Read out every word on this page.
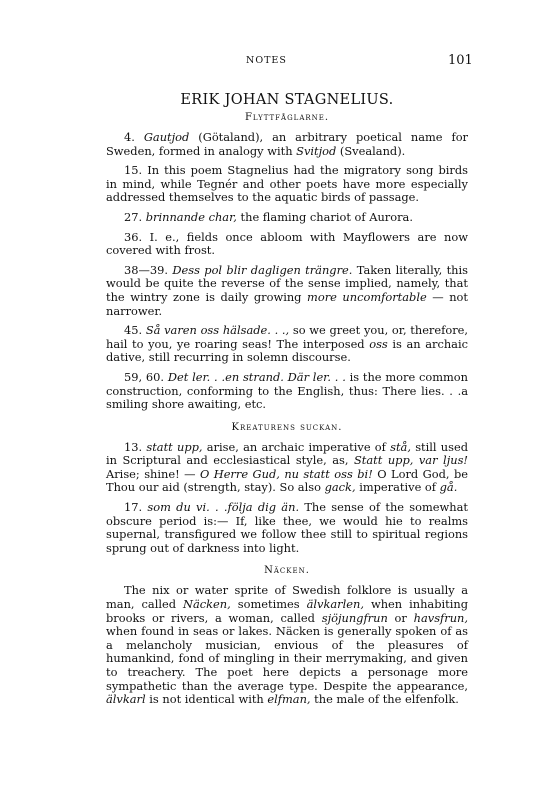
NOTES	101
ERIK JOHAN STAGNELIUS.
Flyttfåglarne.

4. Gautjod (Götaland), an arbitrary poetical name for Sweden, formed in analogy with Svitjod (Svealand).

15. In this poem Stagnelius had the migratory song birds in mind, while Tegnér and other poets have more especially addressed themselves to the aquatic birds of passage.

27. brinnande char, the flaming chariot of Aurora.

36. I. e., fields once abloom with Mayflowers are now covered with frost.

38—39. Dess pol blir dagligen trängre. Taken literally, this would be quite the reverse of the sense implied, namely, that the wintry zone is daily growing more uncomfortable — not narrower.

45. Så varen oss hälsade. . ., so we greet you, or, therefore, hail to you, ye roaring seas! The interposed oss is an archaic dative, still recurring in solemn discourse.

59, 60. Det ler. . .en strand. Där ler. . . is the more common construction, conforming to the English, thus: There lies. . .a smiling shore awaiting, etc.

Kreaturens suckan.

13. statt upp, arise, an archaic imperative of stå, still used in Scriptural and ecclesiastical style, as, Statt upp, var ljus! Arise; shine! — O Herre Gud, nu statt oss bi! O Lord God, be Thou our aid (strength, stay). So also gack, imperative of gå.

17. som du vi. . .följa dig än. The sense of the somewhat obscure period is:— If, like thee, we would hie to realms supernal, transfigured we follow thee still to spiritual regions sprung out of darkness into light.

Näcken.

The nix or water sprite of Swedish folklore is usually a man, called Näcken, sometimes älvkarlen, when inhabiting brooks or rivers, a woman, called sjöjungfrun or havsfrun, when found in seas or lakes. Näcken is generally spoken of as a melancholy musician, envious of the pleasures of humankind, fond of mingling in their merrymaking, and given to treachery. The poet here depicts a personage more sympathetic than the average type. Despite the appearance, älvkarl is not identical with elfman, the male of the elfenfolk.
